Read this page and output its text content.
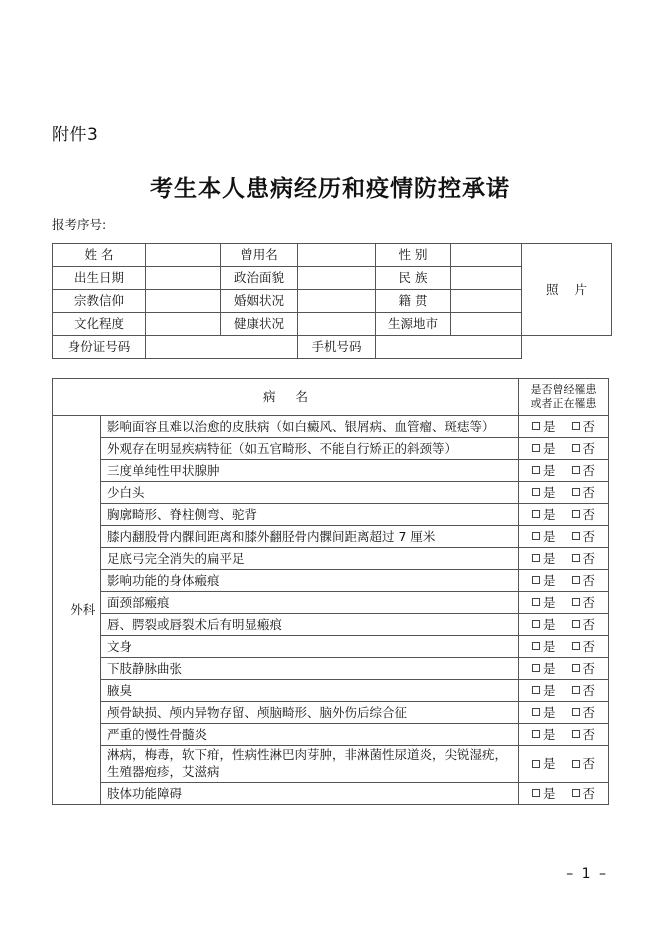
附件3
考生本人患病经历和疫情防控承诺
报考序号:
姓 名		曾用名		性 别		照 片
出生日期		政治面貌		民 族		
宗教信仰		婚姻状况		籍 贯		
文化程度		健康状况		生源地市		
身份证号码			手机号码			
病 名		是否曾经罹患
或者正在罹患

外科	影响面容且难以治愈的皮肤病（如白癜风、银屑病、血管瘤、斑痣等）	是 否
	外观存在明显疾病特征（如五官畸形、不能自行矫正的斜颈等）	是 否
	三度单纯性甲状腺肿	是 否
	少白头	是 否
	胸廓畸形、脊柱侧弯、驼背	是 否
	膝内翻股骨内髁间距离和膝外翻胫骨内髁间距离超过 7 厘米	是 否
	足底弓完全消失的扁平足	是 否
	影响功能的身体瘢痕	是 否
	面颈部瘢痕	是 否
	唇、腭裂或唇裂术后有明显瘢痕	是 否
	文身	是 否
	下肢静脉曲张	是 否
	腋臭	是 否
	颅骨缺损、颅内异物存留、颅脑畸形、脑外伤后综合征	是 否
	严重的慢性骨髓炎	是 否
	淋病，梅毒，软下疳，性病性淋巴肉芽肿，非淋菌性尿道炎，尖锐湿疣，生殖器疱疹，艾滋病	是 否
	肢体功能障碍	是 否
– 1 –
